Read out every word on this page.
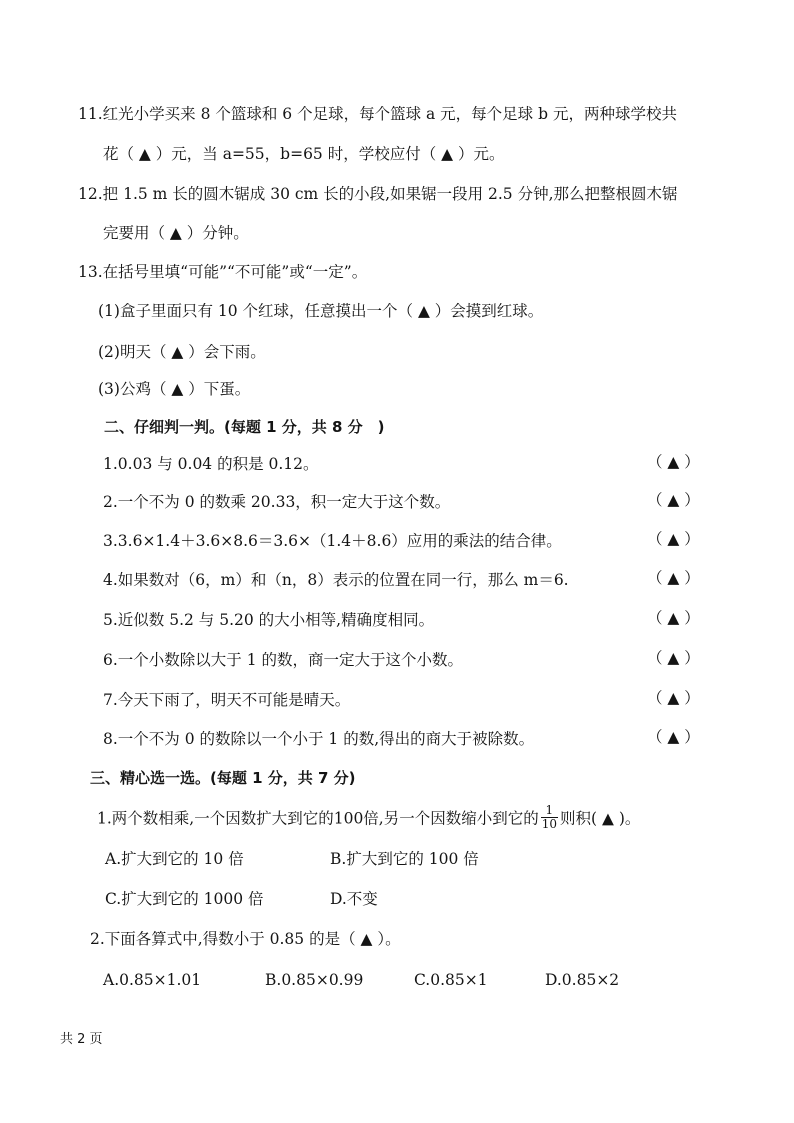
11.红光小学买来 8 个篮球和 6 个足球，每个篮球 a 元，每个足球 b 元，两种球学校共
花（ ▲ ）元，当 a=55，b=65 时，学校应付（ ▲ ）元。
12.把 1.5 m 长的圆木锯成 30 cm 长的小段,如果锯一段用 2.5 分钟,那么把整根圆木锯
完要用（ ▲ ）分钟。
13.在括号里填“可能”“不可能”或“一定”。
(1)盒子里面只有 10 个红球，任意摸出一个（ ▲ ）会摸到红球。
(2)明天（ ▲ ）会下雨。
(3)公鸡（ ▲ ）下蛋。
二、仔细判一判。(每题 1 分，共 8 分　)
1.0.03 与 0.04 的积是 0.12。	（ ▲ ）
2.一个不为 0 的数乘 20.33，积一定大于这个数。	（ ▲ ）
3.3.6×1.4＋3.6×8.6＝3.6×（1.4＋8.6）应用的乘法的结合律。	（ ▲ ）
4.如果数对（6，m）和（n，8）表示的位置在同一行，那么 m＝6.	（ ▲ ）
5.近似数 5.2 与 5.20 的大小相等,精确度相同。	（ ▲ ）
6.一个小数除以大于 1 的数，商一定大于这个小数。	（ ▲ ）
7.今天下雨了，明天不可能是晴天。	（ ▲ ）
8.一个不为 0 的数除以一个小于 1 的数,得出的商大于被除数。	（ ▲ ）
三、精心选一选。(每题 1 分，共 7 分)
1.两个数相乘,一个因数扩大到它的100倍,另一个因数缩小到它的 $\frac{1}{10}$ 则积( ▲ )。
A.扩大到它的 10 倍	B.扩大到它的 100 倍
C.扩大到它的 1000 倍	D.不变
2.下面各算式中,得数小于 0.85 的是（ ▲ ）。
A.0.85×1.01	B.0.85×0.99	C.0.85×1	D.0.85×2
共 2 页
